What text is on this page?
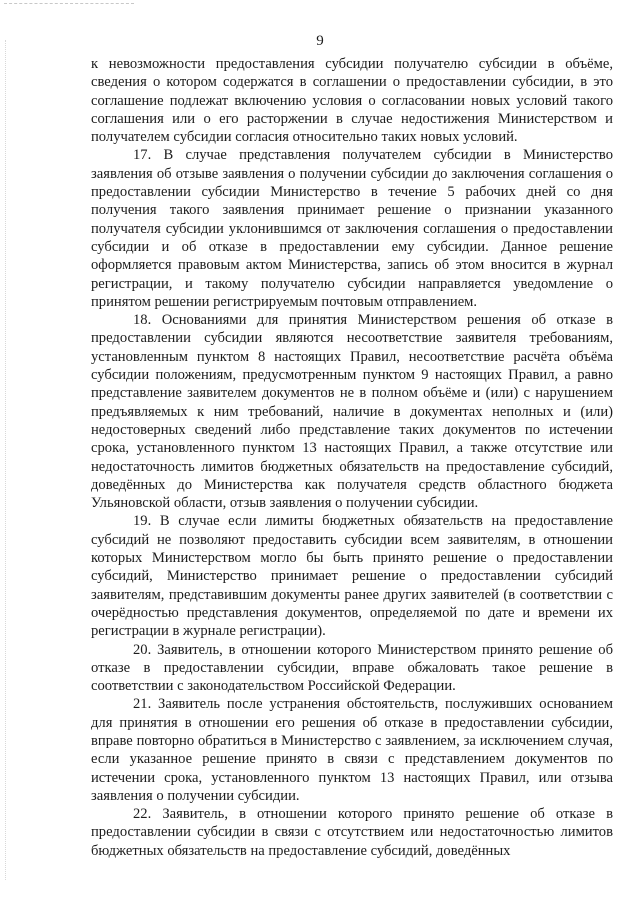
9

к невозможности предоставления субсидии получателю субсидии в объёме, сведения о котором содержатся в соглашении о предоставлении субсидии, в это соглашение подлежат включению условия о согласовании новых условий такого соглашения или о его расторжении в случае недостижения Министерством и получателем субсидии согласия относительно таких новых условий.

17. В случае представления получателем субсидии в Министерство заявления об отзыве заявления о получении субсидии до заключения соглашения о предоставлении субсидии Министерство в течение 5 рабочих дней со дня получения такого заявления принимает решение о признании указанного получателя субсидии уклонившимся от заключения соглашения о предоставлении субсидии и об отказе в предоставлении ему субсидии. Данное решение оформляется правовым актом Министерства, запись об этом вносится в журнал регистрации, и такому получателю субсидии направляется уведомление о принятом решении регистрируемым почтовым отправлением.

18. Основаниями для принятия Министерством решения об отказе в предоставлении субсидии являются несоответствие заявителя требованиям, установленным пунктом 8 настоящих Правил, несоответствие расчёта объёма субсидии положениям, предусмотренным пунктом 9 настоящих Правил, а равно представление заявителем документов не в полном объёме и (или) с нарушением предъявляемых к ним требований, наличие в документах неполных и (или) недостоверных сведений либо представление таких документов по истечении срока, установленного пунктом 13 настоящих Правил, а также отсутствие или недостаточность лимитов бюджетных обязательств на предоставление субсидий, доведённых до Министерства как получателя средств областного бюджета Ульяновской области, отзыв заявления о получении субсидии.

19. В случае если лимиты бюджетных обязательств на предоставление субсидий не позволяют предоставить субсидии всем заявителям, в отношении которых Министерством могло бы быть принято решение о предоставлении субсидий, Министерство принимает решение о предоставлении субсидий заявителям, представившим документы ранее других заявителей (в соответствии с очерёдностью представления документов, определяемой по дате и времени их регистрации в журнале регистрации).

20. Заявитель, в отношении которого Министерством принято решение об отказе в предоставлении субсидии, вправе обжаловать такое решение в соответствии с законодательством Российской Федерации.

21. Заявитель после устранения обстоятельств, послуживших основанием для принятия в отношении его решения об отказе в предоставлении субсидии, вправе повторно обратиться в Министерство с заявлением, за исключением случая, если указанное решение принято в связи с представлением документов по истечении срока, установленного пунктом 13 настоящих Правил, или отзыва заявления о получении субсидии.

22. Заявитель, в отношении которого принято решение об отказе в предоставлении субсидии в связи с отсутствием или недостаточностью лимитов бюджетных обязательств на предоставление субсидий, доведённых
